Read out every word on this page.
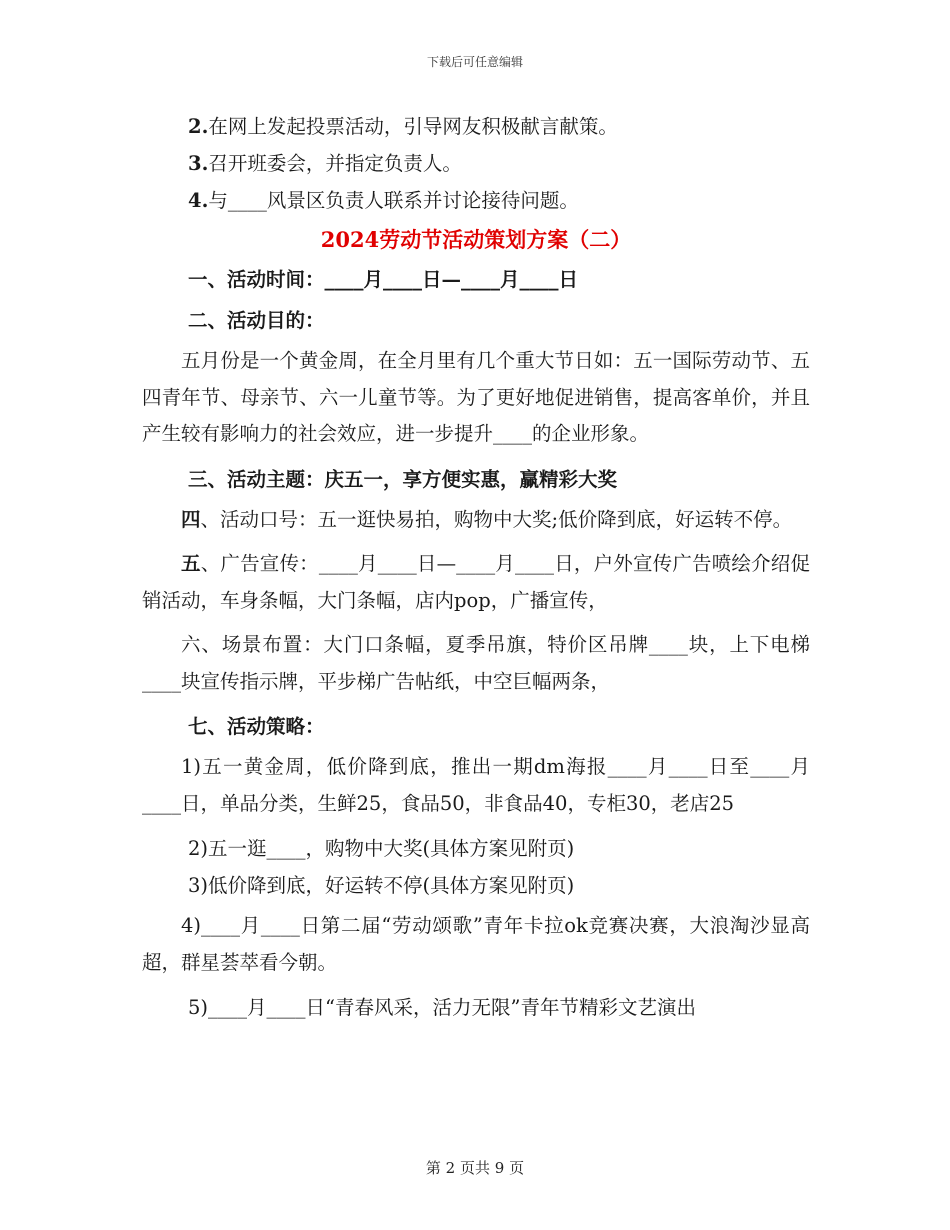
下载后可任意编辑
2.在网上发起投票活动，引导网友积极献言献策。
3.召开班委会，并指定负责人。
4.与____风景区负责人联系并讨论接待问题。
2024劳动节活动策划方案（二）
一、活动时间：____月____日—____月____日
二、活动目的：
五月份是一个黄金周，在全月里有几个重大节日如：五一国际劳动节、五四青年节、母亲节、六一儿童节等。为了更好地促进销售，提高客单价，并且产生较有影响力的社会效应，进一步提升____的企业形象。
三、活动主题：庆五一，享方便实惠，赢精彩大奖
四、活动口号：五一逛快易拍，购物中大奖;低价降到底，好运转不停。
五、广告宣传：____月____日—____月____日，户外宣传广告喷绘介绍促销活动，车身条幅，大门条幅，店内pop，广播宣传，
六、场景布置：大门口条幅，夏季吊旗，特价区吊牌____块，上下电梯____块宣传指示牌，平步梯广告帖纸，中空巨幅两条，
七、活动策略：
1)五一黄金周，低价降到底，推出一期dm海报____月____日至____月____日，单品分类，生鲜25，食品50，非食品40，专柜30，老店25
2)五一逛____，购物中大奖(具体方案见附页)
3)低价降到底，好运转不停(具体方案见附页)
4)____月____日第二届“劳动颂歌”青年卡拉ok竞赛决赛，大浪淘沙显高超，群星荟萃看今朝。
5)____月____日“青春风采，活力无限”青年节精彩文艺演出
第 2 页共 9 页
